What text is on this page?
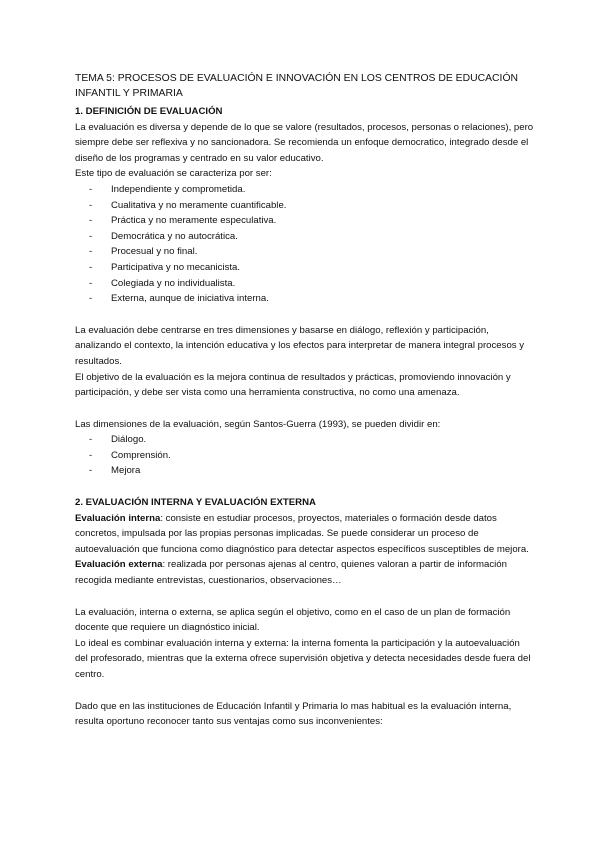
TEMA 5: PROCESOS DE EVALUACIÓN E INNOVACIÓN EN LOS CENTROS DE EDUCACIÓN INFANTIL Y PRIMARIA

1. DEFINICIÓN DE EVALUACIÓN

La evaluación es diversa y depende de lo que se valore (resultados, procesos, personas o relaciones), pero siempre debe ser reflexiva y no sancionadora. Se recomienda un enfoque democratico, integrado desde el diseño de los programas y centrado en su valor educativo.

Este tipo de evaluación se caracteriza por ser:

- Independiente y comprometida.
- Cualitativa y no meramente cuantificable.
- Práctica y no meramente especulativa.
- Democrática y no autocrática.
- Procesual y no final.
- Participativa y no mecanicista.
- Colegiada y no individualista.
- Externa, aunque de iniciativa interna.

La evaluación debe centrarse en tres dimensiones y basarse en diálogo, reflexión y participación, analizando el contexto, la intención educativa y los efectos para interpretar de manera integral procesos y resultados.

El objetivo de la evaluación es la mejora continua de resultados y prácticas, promoviendo innovación y participación, y debe ser vista como una herramienta constructiva, no como una amenaza.

Las dimensiones de la evaluación, según Santos-Guerra (1993), se pueden dividir en:

- Diálogo.
- Comprensión.
- Mejora

2. EVALUACIÓN INTERNA Y EVALUACIÓN EXTERNA

Evaluación interna: consiste en estudiar procesos, proyectos, materiales o formación desde datos concretos, impulsada por las propias personas implicadas. Se puede considerar un proceso de autoevaluación que funciona como diagnóstico para detectar aspectos específicos susceptibles de mejora.

Evaluación externa: realizada por personas ajenas al centro, quienes valoran a partir de información recogida mediante entrevistas, cuestionarios, observaciones…

La evaluación, interna o externa, se aplica según el objetivo, como en el caso de un plan de formación docente que requiere un diagnóstico inicial.

Lo ideal es combinar evaluación interna y externa: la interna fomenta la participación y la autoevaluación del profesorado, mientras que la externa ofrece supervisión objetiva y detecta necesidades desde fuera del centro.

Dado que en las instituciones de Educación Infantil y Primaria lo mas habitual es la evaluación interna, resulta oportuno reconocer tanto sus ventajas como sus inconvenientes:
